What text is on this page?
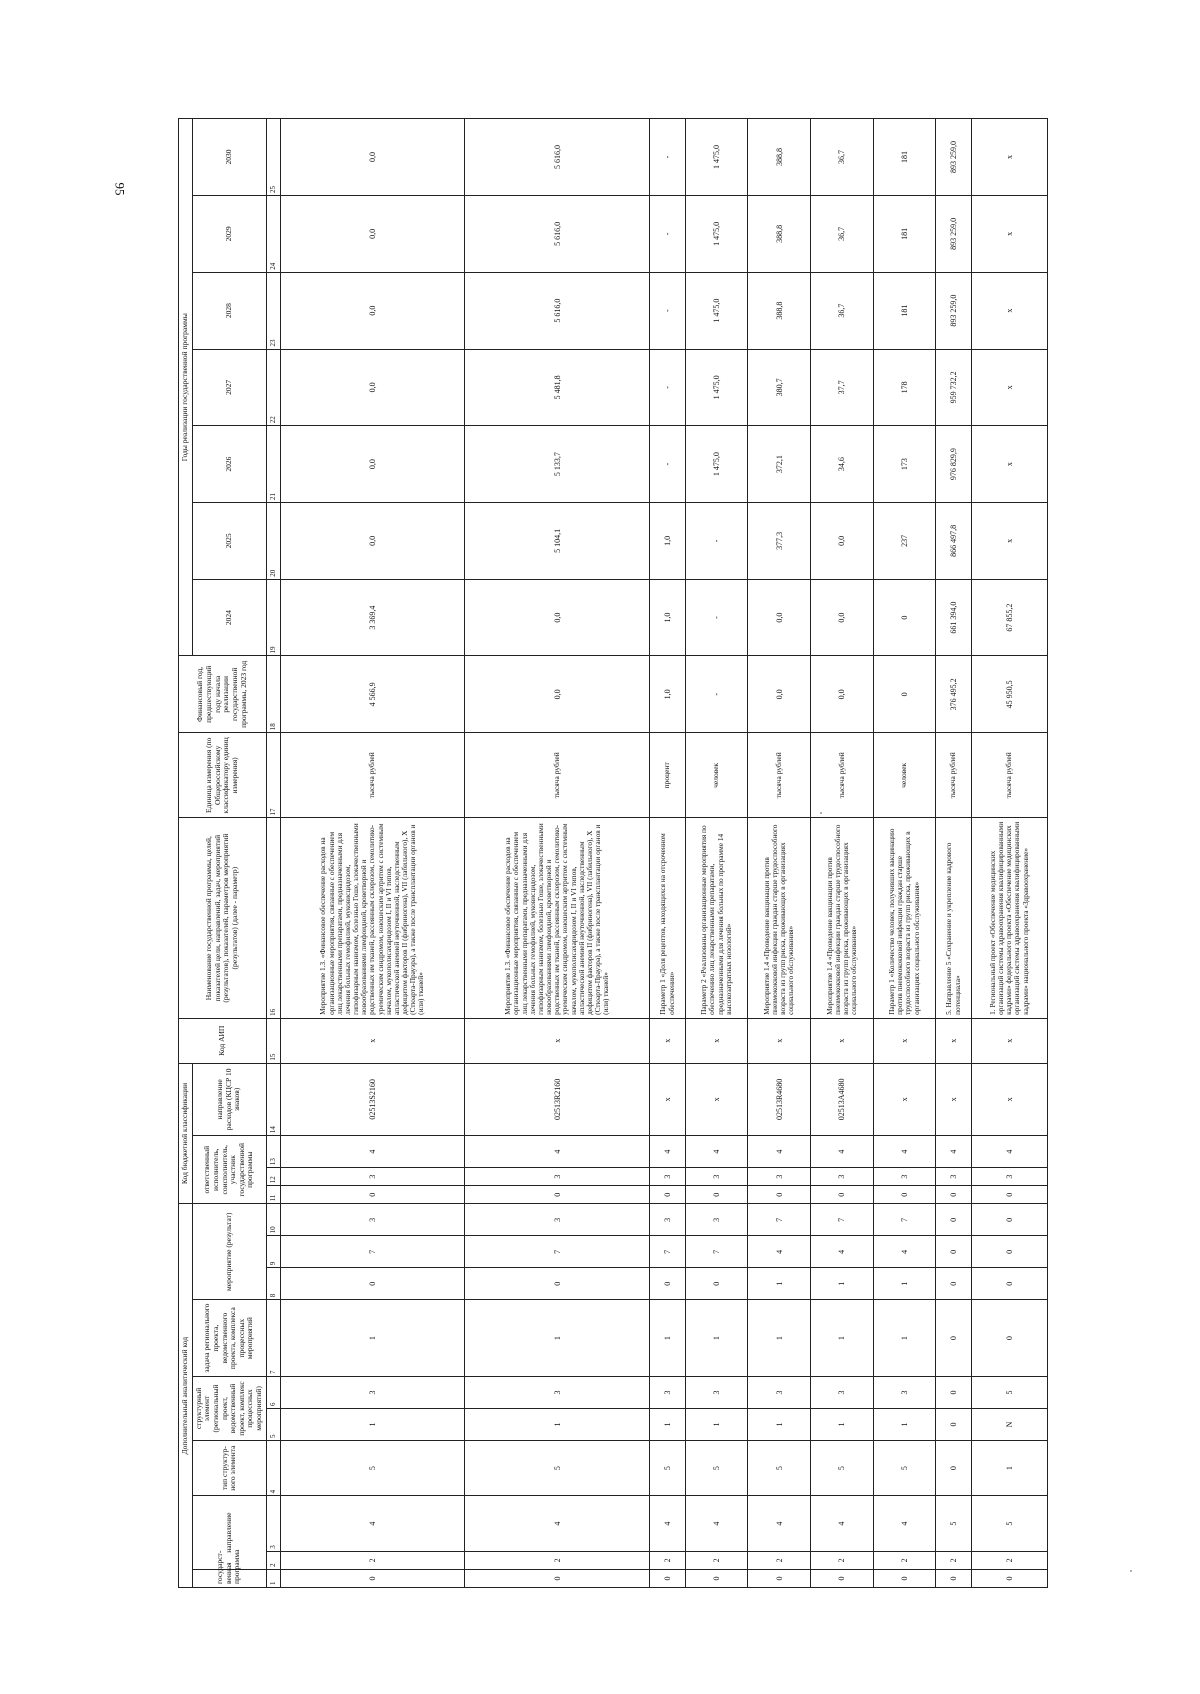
95
Дополнительный аналитический код										Код бюджетной классификации				Код АИП	Наименование государственной программы, целей, показателей цели, направлений, задач, мероприятий (результатов), показателей, параметров мероприятий (результатов) (далее - параметр)	Единица измерения (по Общероссийскому классификатору единиц измерения)	Финансовый год, предшествующий году начала реализации государственной программы, 2023 год	Годы реализации государственной программы						
государст-венная программа	направление		тип структур-ного элемента	структурный элемент (региональный проект, ведомственный проект, комплекс процессных мероприятий)		задача регионального проекта, ведомственного проекта, комплекса процессных мероприятий	мероприятие (результат)			ответственный исполнитель, соисполнитель, участник государственной программы			направление расходов (КЦСР 10 знаков)					2024	2025	2026	2027	2028	2029	2030
1	2	3	4	5	6	7	8	9	10	11	12	13	14	15	16	17	18	19	20	21	22	23	24	25
0	2	4	5	1	3	1	0	7	3	0	3	4	02513S2160	х	Мероприятие 1.3. «Финансовое обеспечение расходов на организационные мероприятия, связанные с обеспечением лиц лекарственными препаратами, предназначенными для лечения больных гемофилией, муковисцидозом, гипофизарным нанизмом, болезнью Гоше, злокачественными новообразованиями лимфоидной, кроветворной и родственных им тканей, рассеянным склерозом, гемолитико-уремическим синдромом, юношеским артритом с системным началом, мукополисахаридозом I, II и VI типов, апластической анемией неуточненной, наследственным дефицитом факторов II (фибриногена), VII (лабильного), X (Стюарта-Прауэра), а также после трансплантации органов и (или) тканей»	тысяча рублей	4 566,9	3 369,4	0,0	0,0	0,0	0,0	0,0	0,0
0	2	4	5	1	3	1	0	7	3	0	3	4	02513R2160	х	Мероприятие 1.3. «Финансовое обеспечение расходов на организационные мероприятия, связанные с обеспечением лиц лекарственными препаратами, предназначенными для лечения больных гемофилией, муковисцидозом, гипофизарным нанизмом, болезнью Гоше, злокачественными новообразованиями лимфоидной, кроветворной и родственных им тканей, рассеянным склерозом, гемолитико-уремическим синдромом, юношеским артритом с системным началом, мукополисахаридозом I, II и VI типов, апластической анемией неуточненной, наследственным дефицитом факторов II (фибриногена), VII (лабильного), X (Стюарта-Прауэра), а также после трансплантации органов и (или) тканей»	тысяча рублей	0,0	0,0	5 104,1	5 133,7	5 481,8	5 616,0	5 616,0	5 616,0
0	2	4	5	1	3	1	0	7	3	0	3	4	х	х	Параметр 1 «Доля рецептов, находящихся на отсроченном обеспечении»	процент	1,0	1,0	1,0	-	-	-	-	-
0	2	4	5	1	3	1	0	7	3	0	3	4	х	х	Параметр 2 «Реализованы организационные мероприятия по обеспечению лиц лекарственными препаратами, предназначенными для лечения больных по программе 14 высокозатратных нозологий»	человек	-	-	-	1 475,0	1 475,0	1 475,0	1 475,0	1 475,0
0	2	4	5	1	3	1	1	4	7	0	3	4	02513R4680	х	Мероприятие 1.4 «Проведение вакцинации против пневмококковой инфекции граждан старше трудоспособного возраста из групп риска, проживающих в организациях социального обслуживания»	тысяча рублей	0,0	0,0	377,3	372,1	380,7	388,8	388,8	388,8
0	2	4	5	1	3	1	1	4	7	0	3	4	02513А4680	х	Мероприятие 1.4 «Проведение вакцинации против пневмококковой инфекции граждан старше трудоспособного возраста из групп риска, проживающих в организациях социального обслуживания»	тысяча рублей	0,0	0,0	0,0	34,6	37,7	36,7	36,7	36,7
0	2	4	5	1	3	1	1	4	7	0	3	4	х	х	Параметр 1 «Количество человек, получивших вакцинацию против пневмококковой инфекции граждан старше трудоспособного возраста из групп риска, проживающих в организациях социального обслуживания»	человек	0	0	237	173	178	181	181	181
0	2	5	0	0	0	0	0	0	0	0	3	4	х	х	5. Направление 5 «Сохранение и укрепление кадрового потенциала»	тысяча рублей	376 495,2	661 394,0	866 497,8	976 829,9	959 732,2	893 259,0	893 259,0	893 259,0
0	2	5	1	N	5	0	0	0	0	0	3	4	х	х	1. Региональный проект «Обеспечение медицинских организаций системы здравоохранения квалифицированными кадрами» федерального проекта «Обеспечение медицинских организаций системы здравоохранения квалифицированными кадрами» национального проекта «Здравоохранение»	тысяча рублей	45 950,5	67 855,2	х	х	х	х	х	х
